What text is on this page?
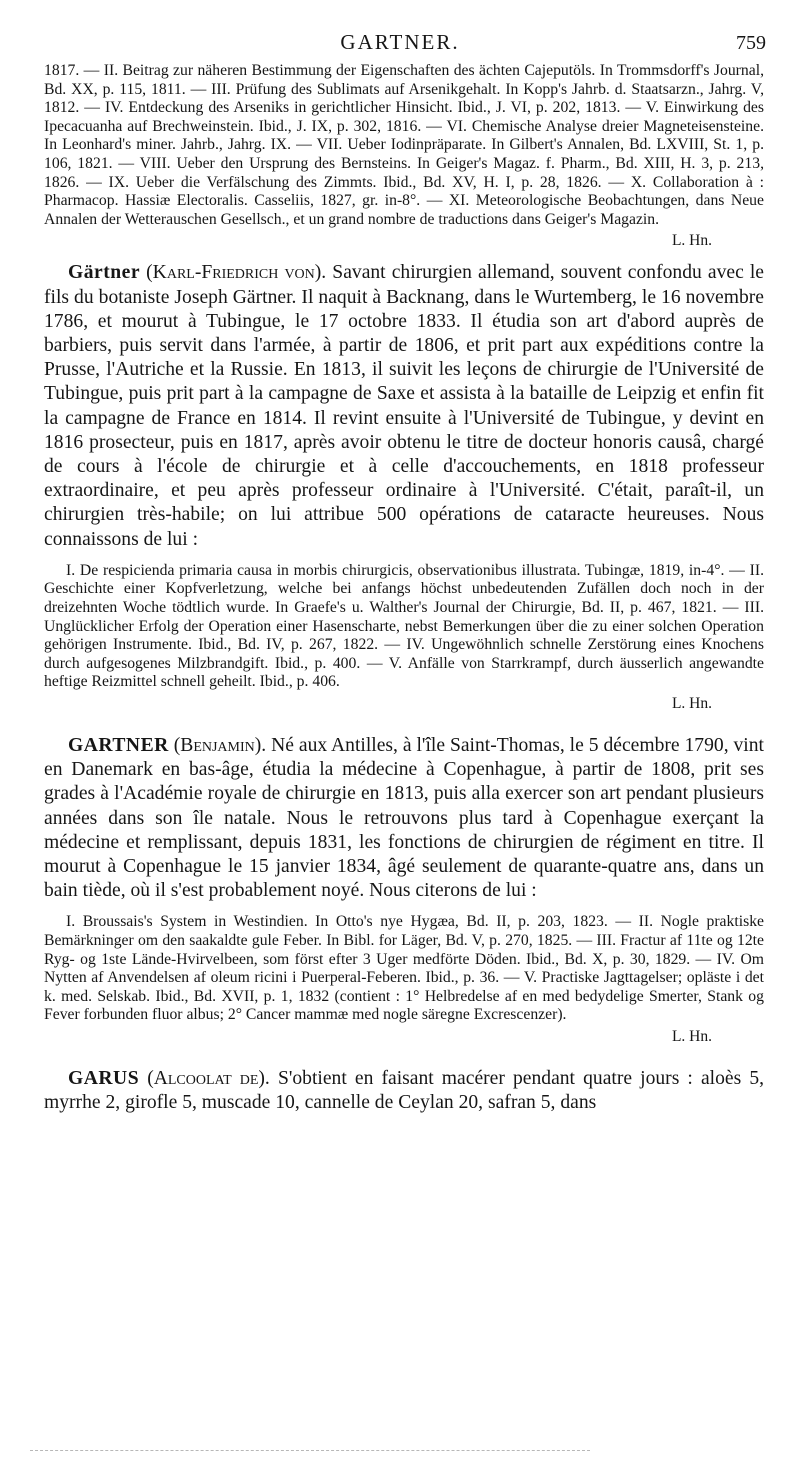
GARTNER.	759

1817. — II. Beitrag zur näheren Bestimmung der Eigenschaften des ächten Cajeputöls. In Trommsdorff's Journal, Bd. XX, p. 115, 1811. — III. Prüfung des Sublimats auf Arsenikgehalt. In Kopp's Jahrb. d. Staatsarzn., Jahrg. V, 1812. — IV. Entdeckung des Arseniks in gerichtlicher Hinsicht. Ibid., J. VI, p. 202, 1813. — V. Einwirkung des Ipecacuanha auf Brechweinstein. Ibid., J. IX, p. 302, 1816. — VI. Chemische Analyse dreier Magneteisensteine. In Leonhard's miner. Jahrb., Jahrg. IX. — VII. Ueber Iodinpräparate. In Gilbert's Annalen, Bd. LXVIII, St. 1, p. 106, 1821. — VIII. Ueber den Ursprung des Bernsteins. In Geiger's Magaz. f. Pharm., Bd. XIII, H. 3, p. 213, 1826. — IX. Ueber die Verfälschung des Zimmts. Ibid., Bd. XV, H. I, p. 28, 1826. — X. Collaboration à : Pharmacop. Hassiæ Electoralis. Casseliis, 1827, gr. in-8°. — XI. Meteorologische Beobachtungen, dans Neue Annalen der Wetterauschen Gesellsch., et un grand nombre de traductions dans Geiger's Magazin.

L. Hn.

Gärtner (Karl-Friedrich von). Savant chirurgien allemand, souvent confondu avec le fils du botaniste Joseph Gärtner. Il naquit à Backnang, dans le Wurtemberg, le 16 novembre 1786, et mourut à Tubingue, le 17 octobre 1833. Il étudia son art d'abord auprès de barbiers, puis servit dans l'armée, à partir de 1806, et prit part aux expéditions contre la Prusse, l'Autriche et la Russie. En 1813, il suivit les leçons de chirurgie de l'Université de Tubingue, puis prit part à la campagne de Saxe et assista à la bataille de Leipzig et enfin fit la campagne de France en 1814. Il revint ensuite à l'Université de Tubingue, y devint en 1816 prosecteur, puis en 1817, après avoir obtenu le titre de docteur honoris causâ, chargé de cours à l'école de chirurgie et à celle d'accouchements, en 1818 professeur extraordinaire, et peu après professeur ordinaire à l'Université. C'était, paraît-il, un chirurgien très-habile; on lui attribue 500 opérations de cataracte heureuses. Nous connaissons de lui :

I. De respicienda primaria causa in morbis chirurgicis, observationibus illustrata. Tubingæ, 1819, in-4°. — II. Geschichte einer Kopfverletzung, welche bei anfangs höchst unbedeutenden Zufällen doch noch in der dreizehnten Woche tödtlich wurde. In Graefe's u. Walther's Journal der Chirurgie, Bd. II, p. 467, 1821. — III. Unglücklicher Erfolg der Operation einer Hasenscharte, nebst Bemerkungen über die zu einer solchen Operation gehörigen Instrumente. Ibid., Bd. IV, p. 267, 1822. — IV. Ungewöhnlich schnelle Zerstörung eines Knochens durch aufgesogenes Milzbrandgift. Ibid., p. 400. — V. Anfälle von Starrkrampf, durch äusserlich angewandte heftige Reizmittel schnell geheilt. Ibid., p. 406.

L. Hn.

GARTNER (Benjamin). Né aux Antilles, à l'île Saint-Thomas, le 5 décembre 1790, vint en Danemark en bas-âge, étudia la médecine à Copenhague, à partir de 1808, prit ses grades à l'Académie royale de chirurgie en 1813, puis alla exercer son art pendant plusieurs années dans son île natale. Nous le retrouvons plus tard à Copenhague exerçant la médecine et remplissant, depuis 1831, les fonctions de chirurgien de régiment en titre. Il mourut à Copenhague le 15 janvier 1834, âgé seulement de quarante-quatre ans, dans un bain tiède, où il s'est probablement noyé. Nous citerons de lui :

I. Broussais's System in Westindien. In Otto's nye Hygæa, Bd. II, p. 203, 1823. — II. Nogle praktiske Bemärkninger om den saakaldte gule Feber. In Bibl. for Läger, Bd. V, p. 270, 1825. — III. Fractur af 11te og 12te Ryg- og 1ste Lände-Hvirvelbeen, som först efter 3 Uger medförte Döden. Ibid., Bd. X, p. 30, 1829. — IV. Om Nytten af Anvendelsen af oleum ricini i Puerperal-Feberen. Ibid., p. 36. — V. Practiske Jagttagelser; opläste i det k. med. Selskab. Ibid., Bd. XVII, p. 1, 1832 (contient : 1° Helbredelse af en med bedydelige Smerter, Stank og Fever forbunden fluor albus; 2° Cancer mammæ med nogle säregne Excrescenzer).

L. Hn.

GARUS (Alcoolat de). S'obtient en faisant macérer pendant quatre jours : aloès 5, myrrhe 2, girofle 5, muscade 10, cannelle de Ceylan 20, safran 5, dans
